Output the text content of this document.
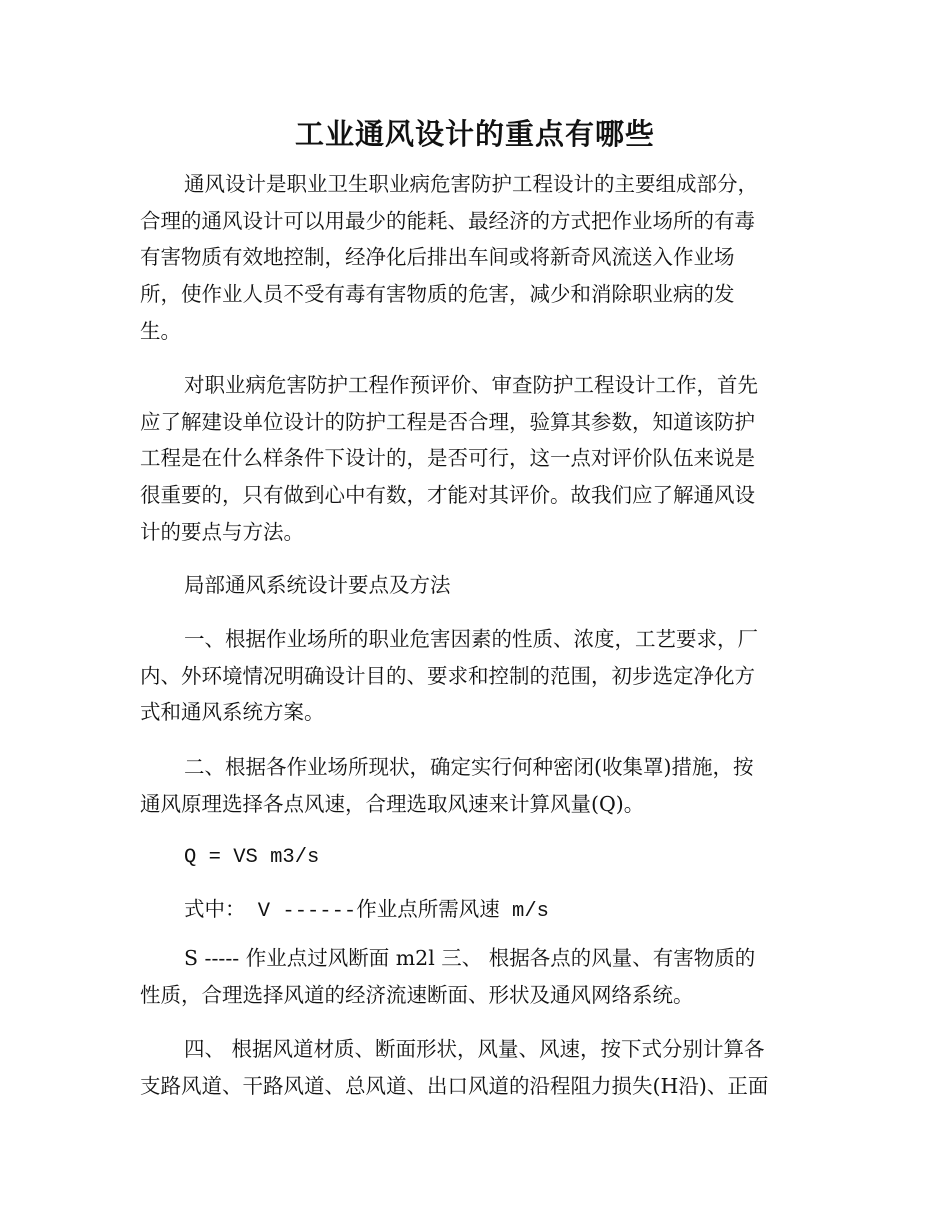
工业通风设计的重点有哪些

通风设计是职业卫生职业病危害防护工程设计的主要组成部分，
合理的通风设计可以用最少的能耗、最经济的方式把作业场所的有毒
有害物质有效地控制，经净化后排出车间或将新奇风流送入作业场
所，使作业人员不受有毒有害物质的危害，减少和消除职业病的发
生。

对职业病危害防护工程作预评价、审查防护工程设计工作，首先
应了解建设单位设计的防护工程是否合理，验算其参数，知道该防护
工程是在什么样条件下设计的，是否可行，这一点对评价队伍来说是
很重要的，只有做到心中有数，才能对其评价。故我们应了解通风设
计的要点与方法。

局部通风系统设计要点及方法

一、根据作业场所的职业危害因素的性质、浓度，工艺要求，厂
内、外环境情况明确设计目的、要求和控制的范围，初步选定净化方
式和通风系统方案。

二、根据各作业场所现状，确定实行何种密闭(收集罩)措施，按
通风原理选择各点风速，合理选取风速来计算风量(Q)。

Q = VS m3/s

式中： V ------作业点所需风速 m/s

S ----- 作业点过风断面 m2l 三、 根据各点的风量、有害物质的
性质，合理选择风道的经济流速断面、形状及通风网络系统。

四、 根据风道材质、断面形状，风量、风速，按下式分别计算各
支路风道、干路风道、总风道、出口风道的沿程阻力损失(H沿)、正面
